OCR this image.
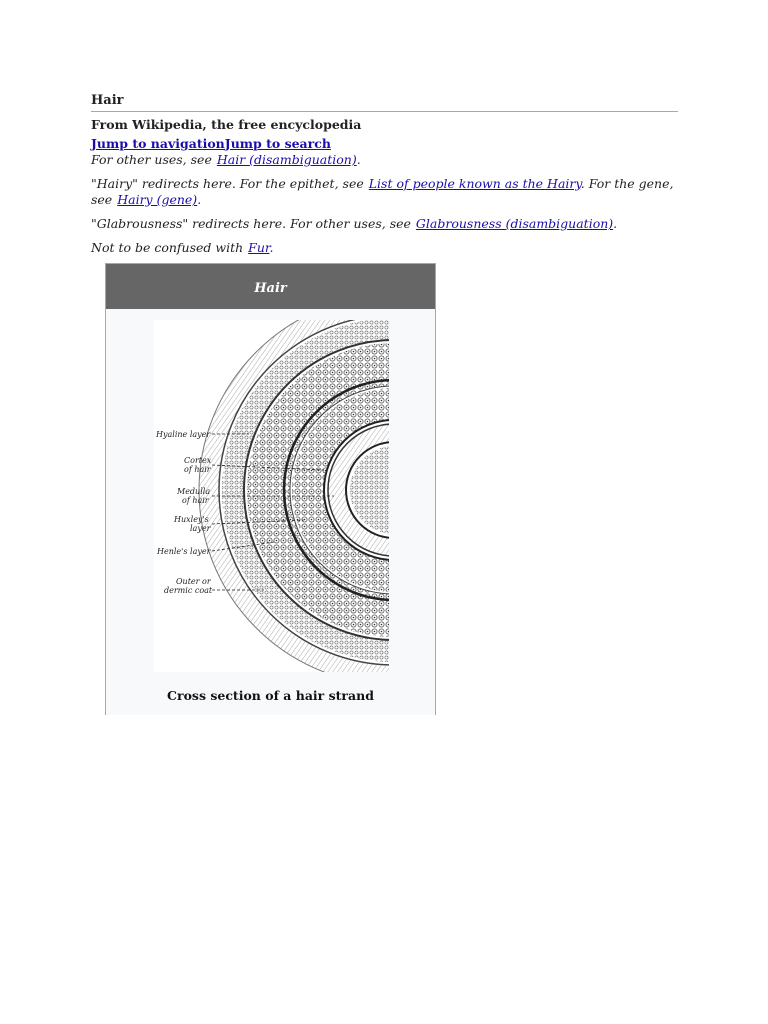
Hair
From Wikipedia, the free encyclopedia
Jump to navigationJump to search
For other uses, see Hair (disambiguation).
"Hairy" redirects here. For the epithet, see List of people known as the Hairy. For the gene, see Hairy (gene).
"Glabrousness" redirects here. For other uses, see Glabrousness (disambiguation).
Not to be confused with Fur.
Hair
Hyaline layer
Cortex
of hair
Medulla
of hair
Huxley's
layer
Henle's layer
Outer or
dermic coat
Cross section of a hair strand
